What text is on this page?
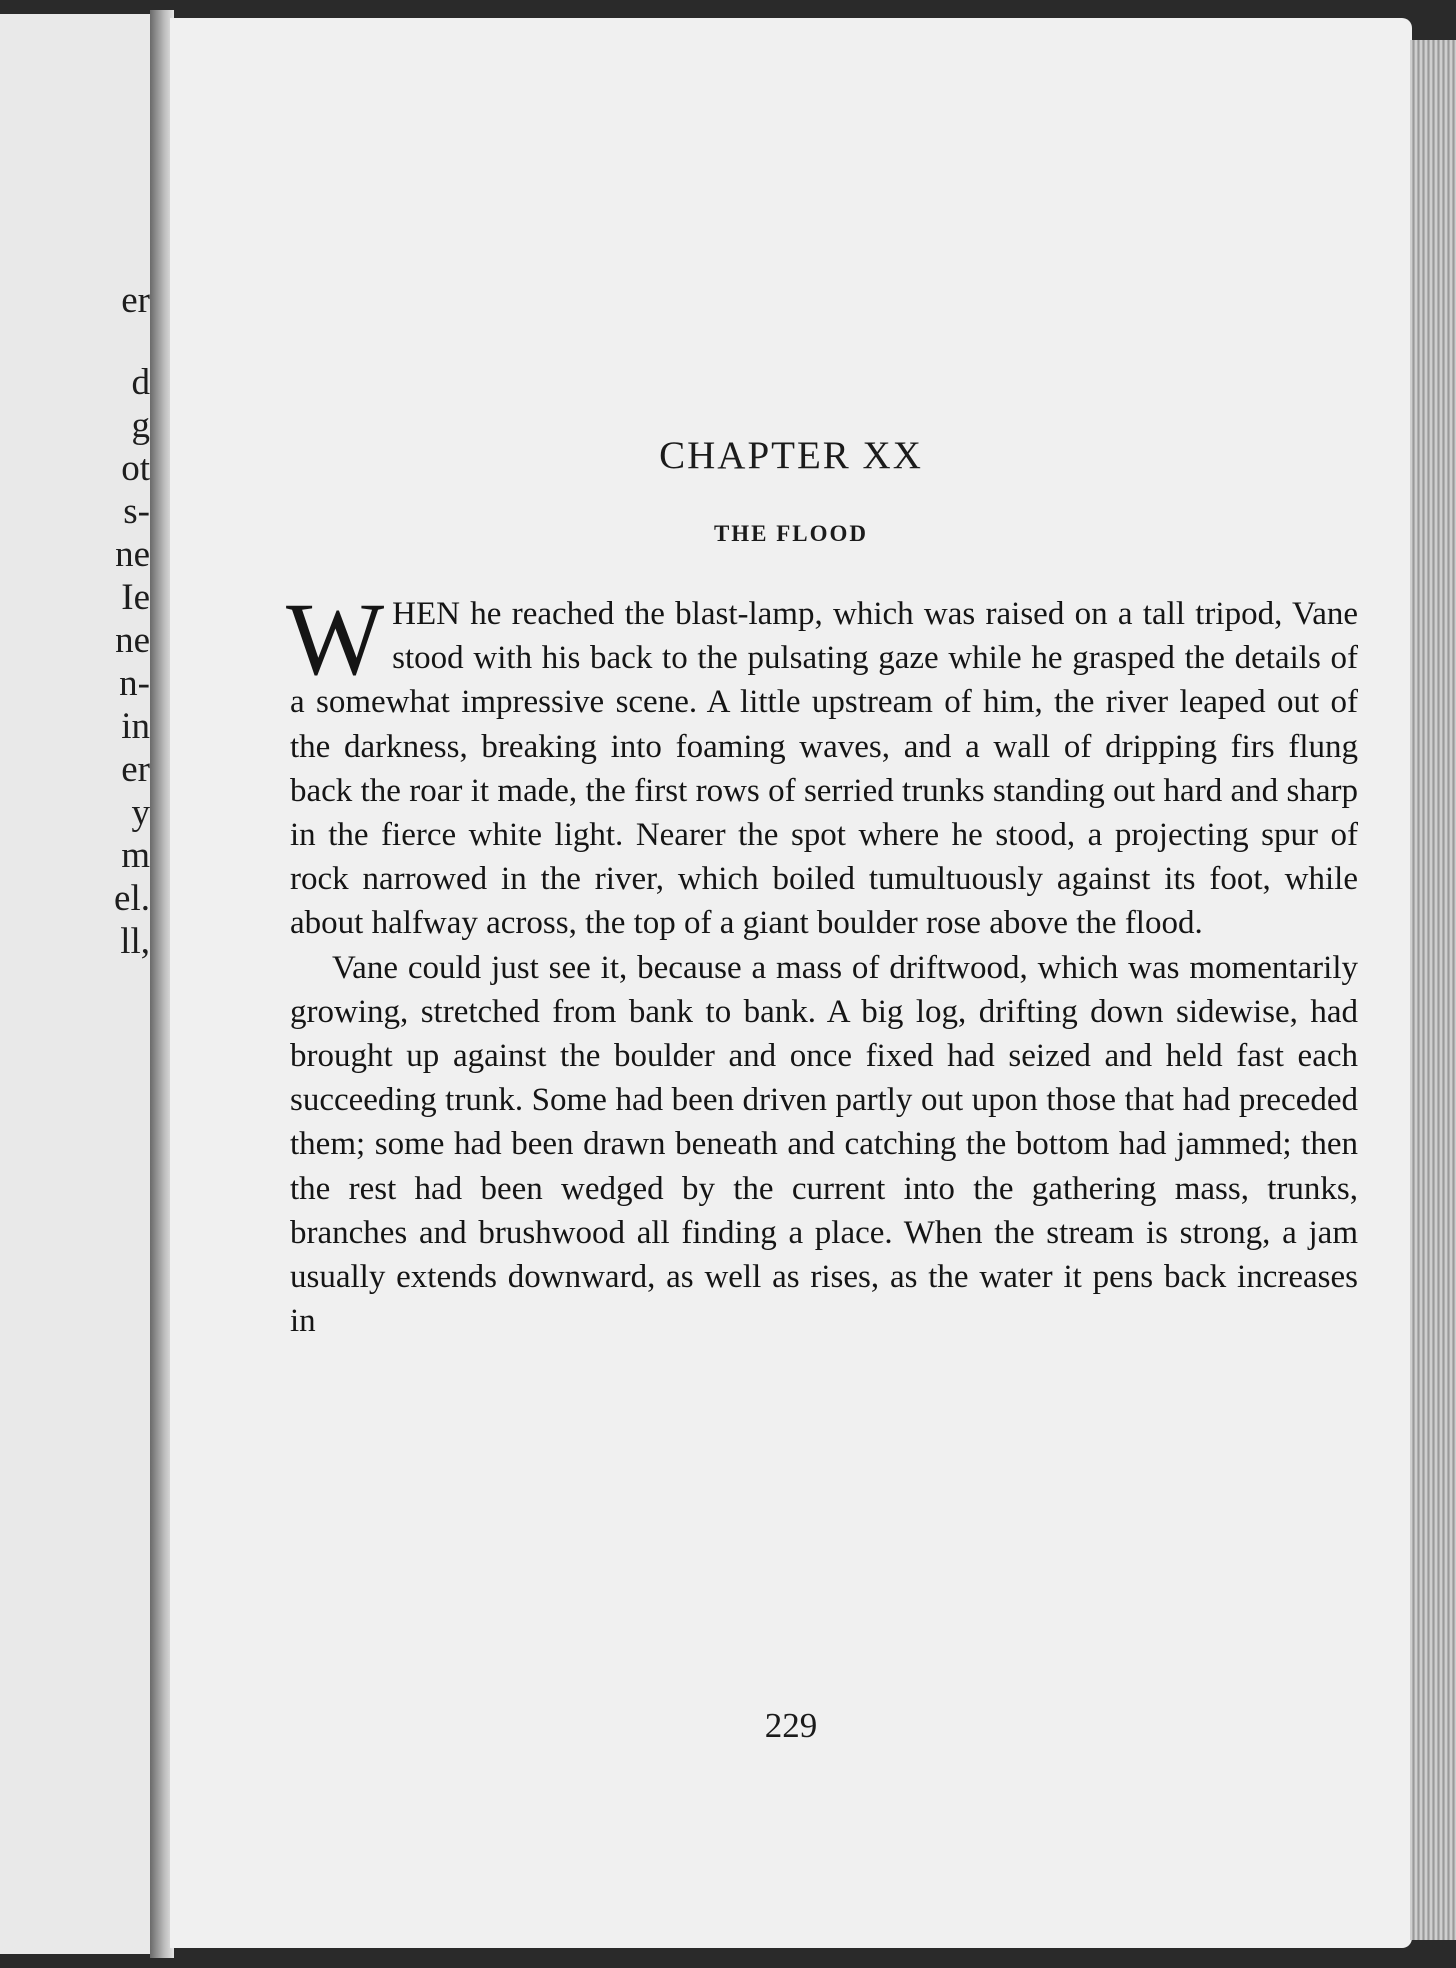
er
d
g
ot
s-
ne
Ie
ne
n-
in
er
y
m
el.
ll,
CHAPTER XX
THE FLOOD

WHEN he reached the blast-lamp, which was raised on a tall tripod, Vane stood with his back to the pulsating gaze while he grasped the details of a somewhat impressive scene. A little upstream of him, the river leaped out of the darkness, breaking into foaming waves, and a wall of dripping firs flung back the roar it made, the first rows of serried trunks standing out hard and sharp in the fierce white light. Nearer the spot where he stood, a projecting spur of rock narrowed in the river, which boiled tumultuously against its foot, while about halfway across, the top of a giant boulder rose above the flood.

Vane could just see it, because a mass of driftwood, which was momentarily growing, stretched from bank to bank. A big log, drifting down sidewise, had brought up against the boulder and once fixed had seized and held fast each succeeding trunk. Some had been driven partly out upon those that had preceded them; some had been drawn beneath and catching the bottom had jammed; then the rest had been wedged by the current into the gathering mass, trunks, branches and brushwood all finding a place. When the stream is strong, a jam usually extends downward, as well as rises, as the water it pens back increases in

229
